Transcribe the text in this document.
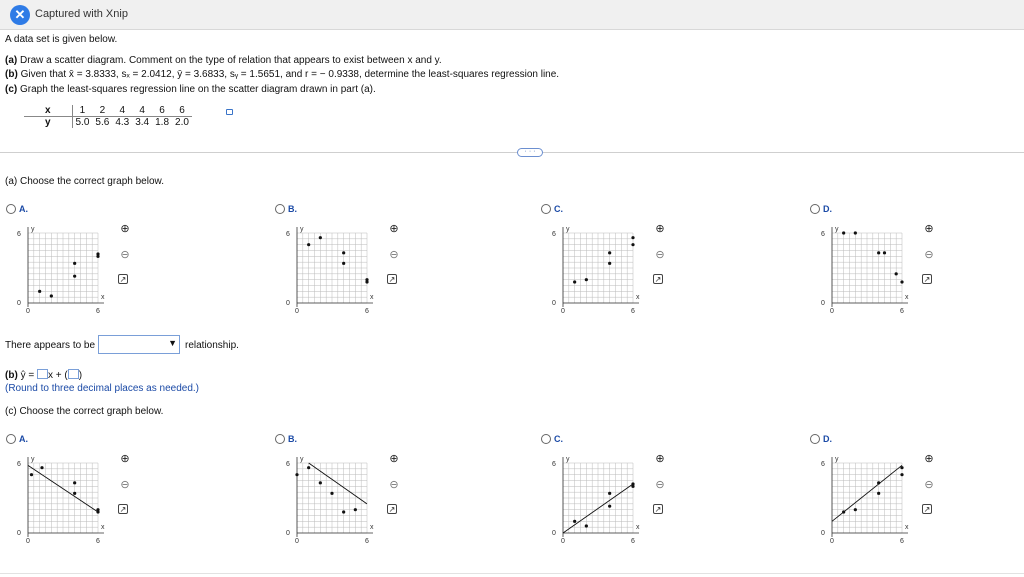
✕ Captured with Xnip
A data set is given below.
(a) Draw a scatter diagram. Comment on the type of relation that appears to exist between x and y.
(b) Given that x̄ = 3.8333, sₓ = 2.0412, ȳ = 3.6833, sᵧ = 1.5651, and r = − 0.9338, determine the least-squares regression line.
(c) Graph the least-squares regression line on the scatter diagram drawn in part (a).
x	1	2	4	4	6	6
y	5.0	5.6	4.3	3.4	1.8	2.0
· · ·
(a) Choose the correct graph below.
A.
y
x
6
0
0	6
⊕
⊖
↗
B.
y
x
6
0
0	6
⊕
⊖
↗
C.
y
x
6
0
0	6
⊕
⊖
↗
D.
y
x
6
0
0	6
⊕
⊖
↗
A.
y
x
6
0
0	6
⊕
⊖
↗
B.
y
x
6
0
0	6
⊕
⊖
↗
C.
y
x
6
0
0	6
⊕
⊖
↗
D.
y
x
6
0
0	6
⊕
⊖
↗
There appears to be	▼ relationship.
(b) ŷ = x + ( )
(Round to three decimal places as needed.)
(c) Choose the correct graph below.
